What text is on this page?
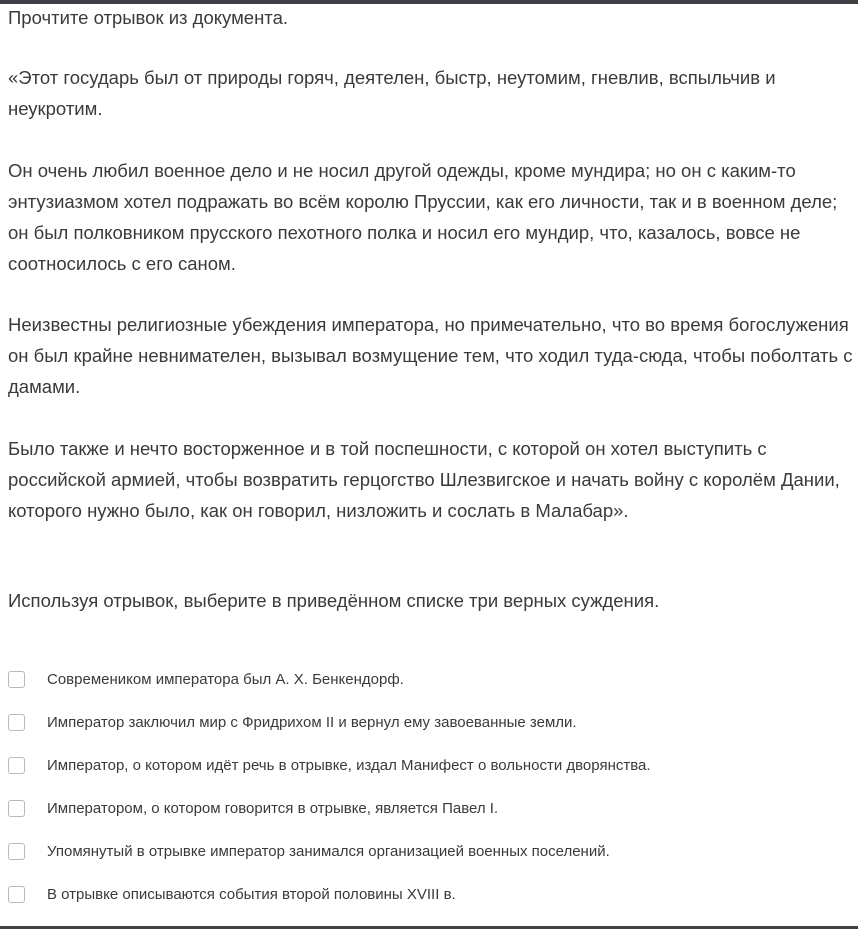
Прочтите отрывок из документа.

«Этот государь был от природы горяч, деятелен, быстр, неутомим, гневлив, вспыльчив и неукротим.

Он очень любил военное дело и не носил другой одежды, кроме мундира; но он с каким-то энтузиазмом хотел подражать во всём королю Пруссии, как его личности, так и в военном деле; он был полковником прусского пехотного полка и носил его мундир, что, казалось, вовсе не соотносилось с его саном.

Неизвестны религиозные убеждения императора, но примечательно, что во время богослужения он был крайне невнимателен, вызывал возмущение тем, что ходил туда-сюда, чтобы поболтать с дамами.

Было также и нечто восторженное и в той поспешности, с которой он хотел выступить с российской армией, чтобы возвратить герцогство Шлезвигское и начать войну с королём Дании, которого нужно было, как он говорил, низложить и сослать в Малабар».

Используя отрывок, выберите в приведённом списке три верных суждения.

Современиком императора был А. Х. Бенкендорф.
Император заключил мир с Фридрихом II и вернул ему завоеванные земли.
Император, о котором идёт речь в отрывке, издал Манифест о вольности дворянства.
Императором, о котором говорится в отрывке, является Павел I.
Упомянутый в отрывке император занимался организацией военных поселений.
В отрывке описываются события второй половины XVIII в.
